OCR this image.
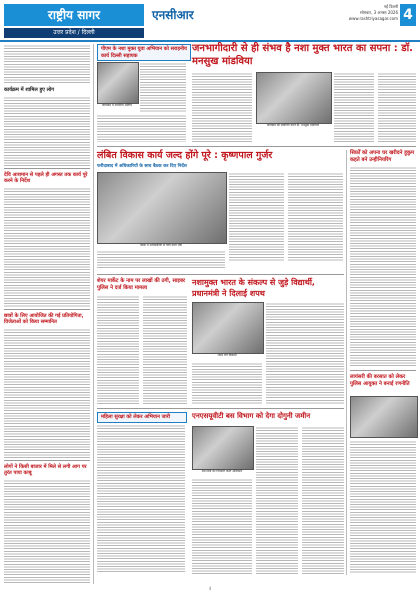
राष्ट्रीय सागर
उत्तर प्रदेश / दिल्ली
एनसीआर
नई दिल्ली
सोमवार, 3 अगस्त 2026
www.rashtriyasagar.com 4
कार्यक्रम में शामिल हुए लोग
देवि आशमान से पहले ही अगस्त तक कार्य पूरे करने के निर्देश
छात्रों के लिए आयोजित की गई प्रतियोगिता, विजेताओं को किया सम्मानित
लोगों ने किसी बाजार में मिले से लगी आग पर तुरंत पाया काबू
पीएम के नशा मुक्त युवा अभियान को सराहनीय कार्य दिल्ली सहायक
कार्यक्रम में उपस्थित अतिथि
जनभागीदारी से ही संभव है नशा मुक्त भारत का सपना : डॉ. मनसुख मांडविया
कार्यक्रम को संबोधित करते डॉ. मनसुख मांडविया
लंबित विकास कार्य जल्द होंगे पूरे : कृष्णपाल गुर्जर
फरीदाबाद में अधिकारियों के साथ बैठक कर दिए निर्देश
बैठक में अधिकारियों से चर्चा करते मंत्री
सिर्फ़ों को अपना घर खरीदने हुकुम कहते बने उन्हीनियरिंग
शेयर मार्केट के नाम पर लाखों की ठगी, साइबर पुलिस ने दर्ज किया मामला
नशामुक्त भारत के संकल्प से जुड़े विद्यार्थी, प्रधानमंत्री ने दिलाई शपथ
शपथ लेते विद्यार्थी
महिला सुरक्षा को लेकर अभियान जारी	एनएसयूवीटी बस विभाग को देगा दोगुनी जमीन
बस डिपो का निरीक्षण करते अधिकारी
लायंसरी की बरसात को लेकर पुलिस आयुक्त ने बनाई रणनीति
4
